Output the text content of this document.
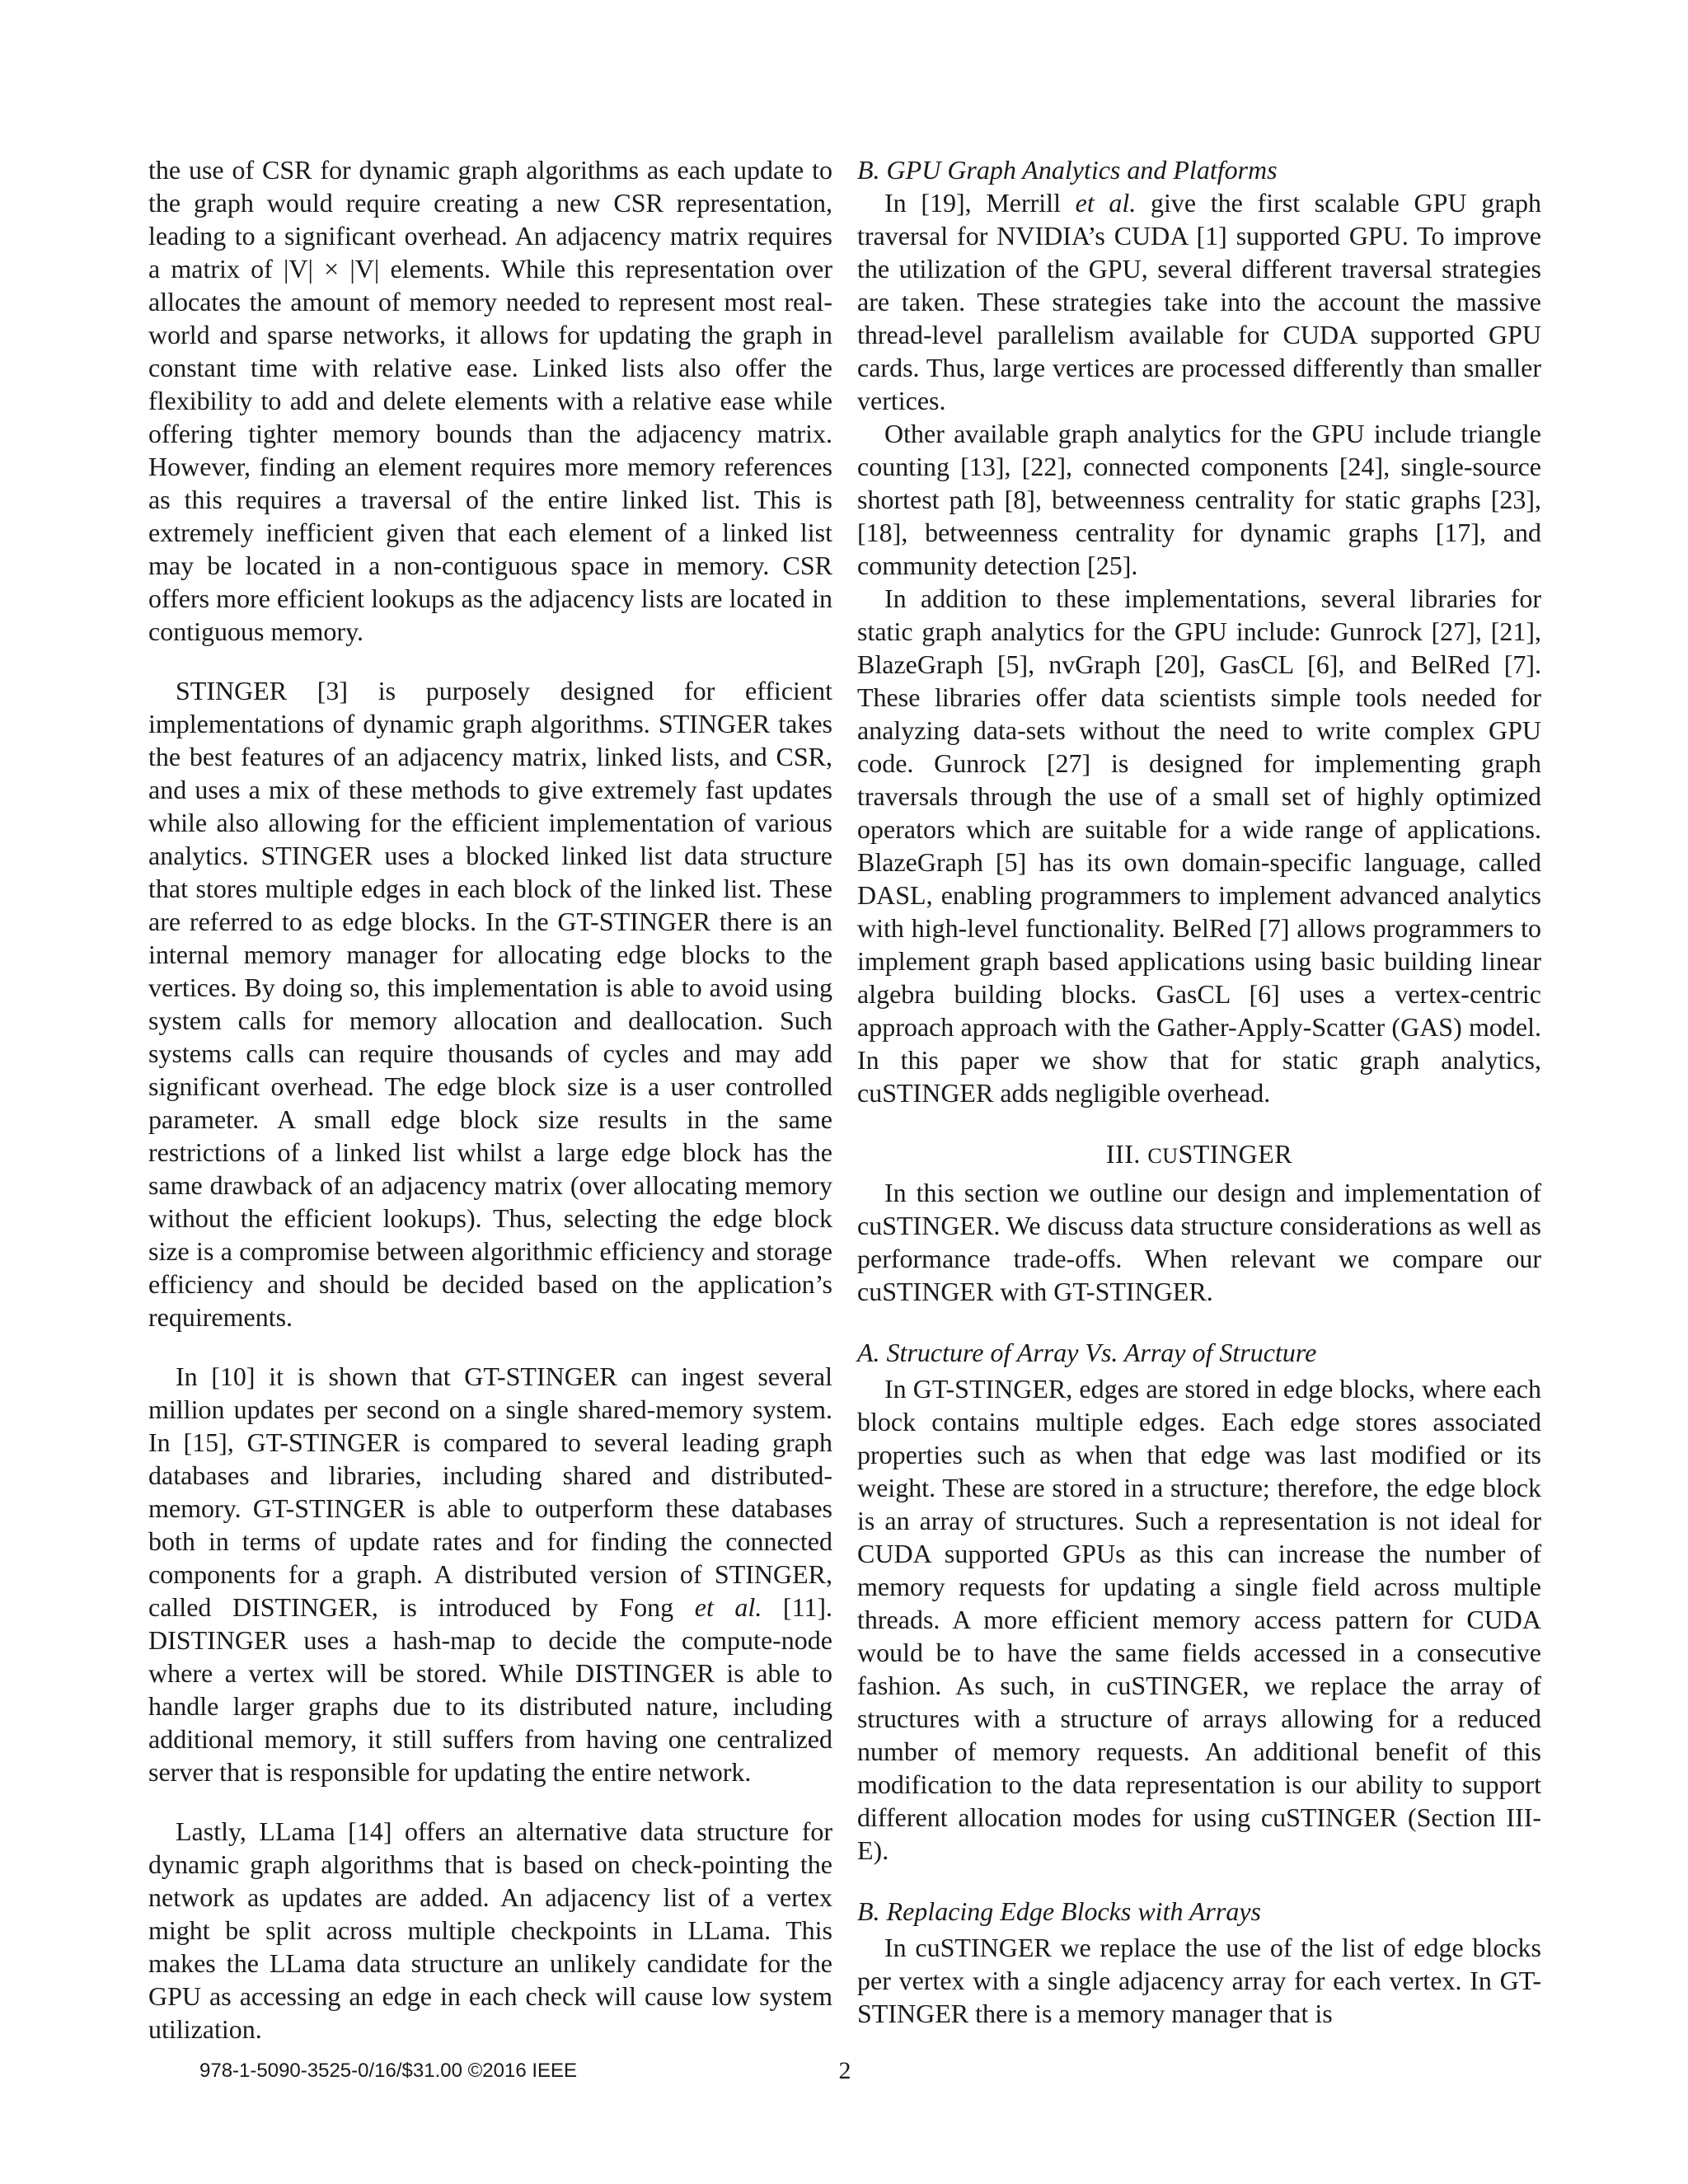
the use of CSR for dynamic graph algorithms as each update to the graph would require creating a new CSR representation, leading to a significant overhead. An adjacency matrix requires a matrix of |V| × |V| elements. While this representation over allocates the amount of memory needed to represent most real-world and sparse networks, it allows for updating the graph in constant time with relative ease. Linked lists also offer the flexibility to add and delete elements with a relative ease while offering tighter memory bounds than the adjacency matrix. However, finding an element requires more memory references as this requires a traversal of the entire linked list. This is extremely inefficient given that each element of a linked list may be located in a non-contiguous space in memory. CSR offers more efficient lookups as the adjacency lists are located in contiguous memory.

STINGER [3] is purposely designed for efficient implementations of dynamic graph algorithms. STINGER takes the best features of an adjacency matrix, linked lists, and CSR, and uses a mix of these methods to give extremely fast updates while also allowing for the efficient implementation of various analytics. STINGER uses a blocked linked list data structure that stores multiple edges in each block of the linked list. These are referred to as edge blocks. In the GT-STINGER there is an internal memory manager for allocating edge blocks to the vertices. By doing so, this implementation is able to avoid using system calls for memory allocation and deallocation. Such systems calls can require thousands of cycles and may add significant overhead. The edge block size is a user controlled parameter. A small edge block size results in the same restrictions of a linked list whilst a large edge block has the same drawback of an adjacency matrix (over allocating memory without the efficient lookups). Thus, selecting the edge block size is a compromise between algorithmic efficiency and storage efficiency and should be decided based on the application’s requirements.

In [10] it is shown that GT-STINGER can ingest several million updates per second on a single shared-memory system. In [15], GT-STINGER is compared to several leading graph databases and libraries, including shared and distributed-memory. GT-STINGER is able to outperform these databases both in terms of update rates and for finding the connected components for a graph. A distributed version of STINGER, called DISTINGER, is introduced by Fong et al. [11]. DISTINGER uses a hash-map to decide the compute-node where a vertex will be stored. While DISTINGER is able to handle larger graphs due to its distributed nature, including additional memory, it still suffers from having one centralized server that is responsible for updating the entire network.

Lastly, LLama [14] offers an alternative data structure for dynamic graph algorithms that is based on check-pointing the network as updates are added. An adjacency list of a vertex might be split across multiple checkpoints in LLama. This makes the LLama data structure an unlikely candidate for the GPU as accessing an edge in each check will cause low system utilization.

B. GPU Graph Analytics and Platforms

In [19], Merrill et al. give the first scalable GPU graph traversal for NVIDIA’s CUDA [1] supported GPU. To improve the utilization of the GPU, several different traversal strategies are taken. These strategies take into the account the massive thread-level parallelism available for CUDA supported GPU cards. Thus, large vertices are processed differently than smaller vertices.

Other available graph analytics for the GPU include triangle counting [13], [22], connected components [24], single-source shortest path [8], betweenness centrality for static graphs [23], [18], betweenness centrality for dynamic graphs [17], and community detection [25].

In addition to these implementations, several libraries for static graph analytics for the GPU include: Gunrock [27], [21], BlazeGraph [5], nvGraph [20], GasCL [6], and BelRed [7]. These libraries offer data scientists simple tools needed for analyzing data-sets without the need to write complex GPU code. Gunrock [27] is designed for implementing graph traversals through the use of a small set of highly optimized operators which are suitable for a wide range of applications. BlazeGraph [5] has its own domain-specific language, called DASL, enabling programmers to implement advanced analytics with high-level functionality. BelRed [7] allows programmers to implement graph based applications using basic building linear algebra building blocks. GasCL [6] uses a vertex-centric approach approach with the Gather-Apply-Scatter (GAS) model. In this paper we show that for static graph analytics, cuSTINGER adds negligible overhead.

III. CUSTINGER

In this section we outline our design and implementation of cuSTINGER. We discuss data structure considerations as well as performance trade-offs. When relevant we compare our cuSTINGER with GT-STINGER.

A. Structure of Array Vs. Array of Structure

In GT-STINGER, edges are stored in edge blocks, where each block contains multiple edges. Each edge stores associated properties such as when that edge was last modified or its weight. These are stored in a structure; therefore, the edge block is an array of structures. Such a representation is not ideal for CUDA supported GPUs as this can increase the number of memory requests for updating a single field across multiple threads. A more efficient memory access pattern for CUDA would be to have the same fields accessed in a consecutive fashion. As such, in cuSTINGER, we replace the array of structures with a structure of arrays allowing for a reduced number of memory requests. An additional benefit of this modification to the data representation is our ability to support different allocation modes for using cuSTINGER (Section III-E).

B. Replacing Edge Blocks with Arrays

In cuSTINGER we replace the use of the list of edge blocks per vertex with a single adjacency array for each vertex. In GT-STINGER there is a memory manager that is

978-1-5090-3525-0/16/$31.00 ©2016 IEEE	2
